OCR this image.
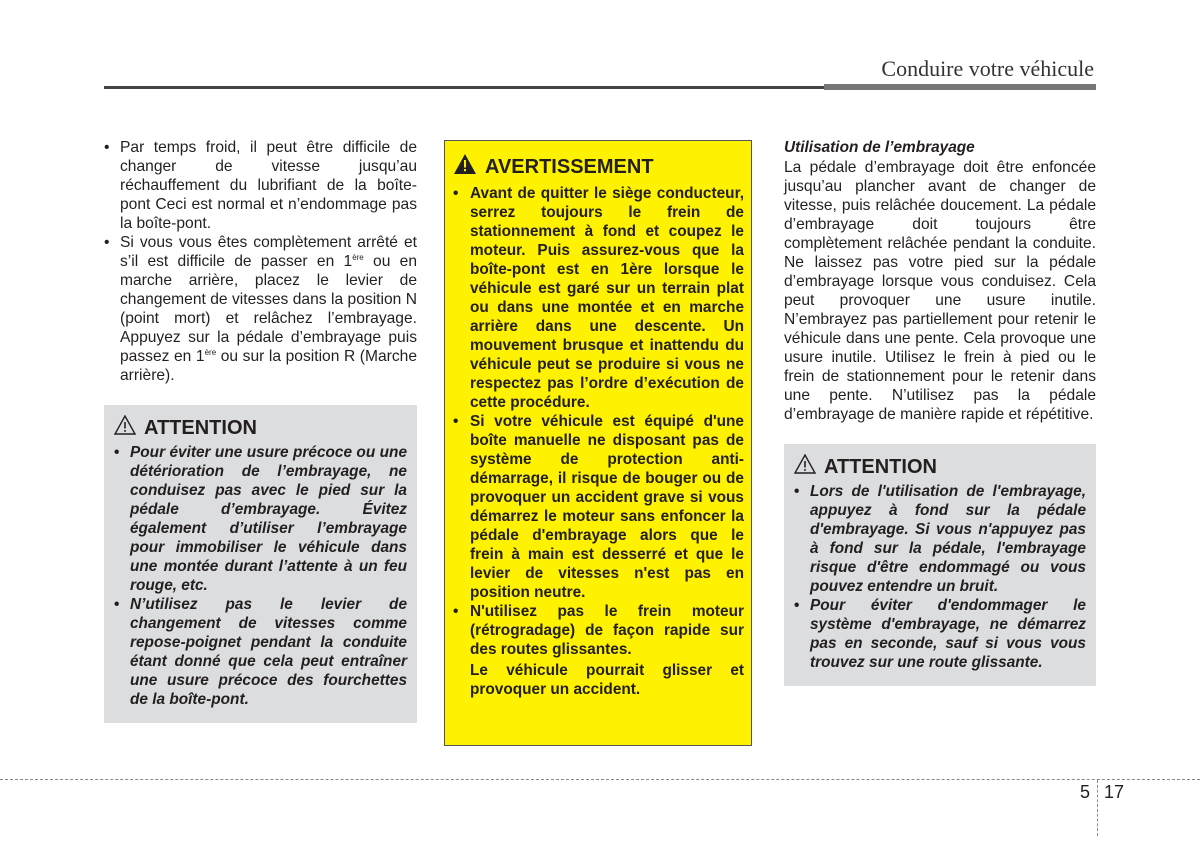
Conduire votre véhicule
• Par temps froid, il peut être difficile de changer de vitesse jusqu’au réchauffement du lubrifiant de la boîte-pont Ceci est normal et n’endommage pas la boîte-pont.
• Si vous vous êtes complètement arrêté et s’il est difficile de passer en 1ère ou en marche arrière, placez le levier de changement de vitesses dans la position N (point mort) et relâchez l’embrayage. Appuyez sur la pédale d’embrayage puis passez en 1ère ou sur la position R (Marche arrière).
ATTENTION
• Pour éviter une usure précoce ou une détérioration de l’embrayage, ne conduisez pas avec le pied sur la pédale d’embrayage. Évitez également d’utiliser l’embrayage pour immobiliser le véhicule dans une montée durant l’attente à un feu rouge, etc.
• N’utilisez pas le levier de changement de vitesses comme repose-poignet pendant la conduite étant donné que cela peut entraîner une usure précoce des fourchettes de la boîte-pont.
AVERTISSEMENT
• Avant de quitter le siège conducteur, serrez toujours le frein de stationnement à fond et coupez le moteur. Puis assurez-vous que la boîte-pont est en 1ère lorsque le véhicule est garé sur un terrain plat ou dans une montée et en marche arrière dans une descente. Un mouvement brusque et inattendu du véhicule peut se produire si vous ne respectez pas l’ordre d’exécution de cette procédure.
• Si votre véhicule est équipé d'une boîte manuelle ne disposant pas de système de protection anti-démarrage, il risque de bouger ou de provoquer un accident grave si vous démarrez le moteur sans enfoncer la pédale d'embrayage alors que le frein à main est desserré et que le levier de vitesses n'est pas en position neutre.
• N'utilisez pas le frein moteur (rétrogradage) de façon rapide sur des routes glissantes.
Le véhicule pourrait glisser et provoquer un accident.
Utilisation de l’embrayage

La pédale d’embrayage doit être enfoncée jusqu’au plancher avant de changer de vitesse, puis relâchée doucement. La pédale d’embrayage doit toujours être complètement relâchée pendant la conduite. Ne laissez pas votre pied sur la pédale d’embrayage lorsque vous conduisez. Cela peut provoquer une usure inutile. N’embrayez pas partiellement pour retenir le véhicule dans une pente. Cela provoque une usure inutile. Utilisez le frein à pied ou le frein de stationnement pour le retenir dans une pente. N’utilisez pas la pédale d’embrayage de manière rapide et répétitive.

ATTENTION
• Lors de l'utilisation de l'embrayage, appuyez à fond sur la pédale d'embrayage. Si vous n'appuyez pas à fond sur la pédale, l'embrayage risque d'être endommagé ou vous pouvez entendre un bruit.
• Pour éviter d'endommager le système d'embrayage, ne démarrez pas en seconde, sauf si vous vous trouvez sur une route glissante.
5 17
